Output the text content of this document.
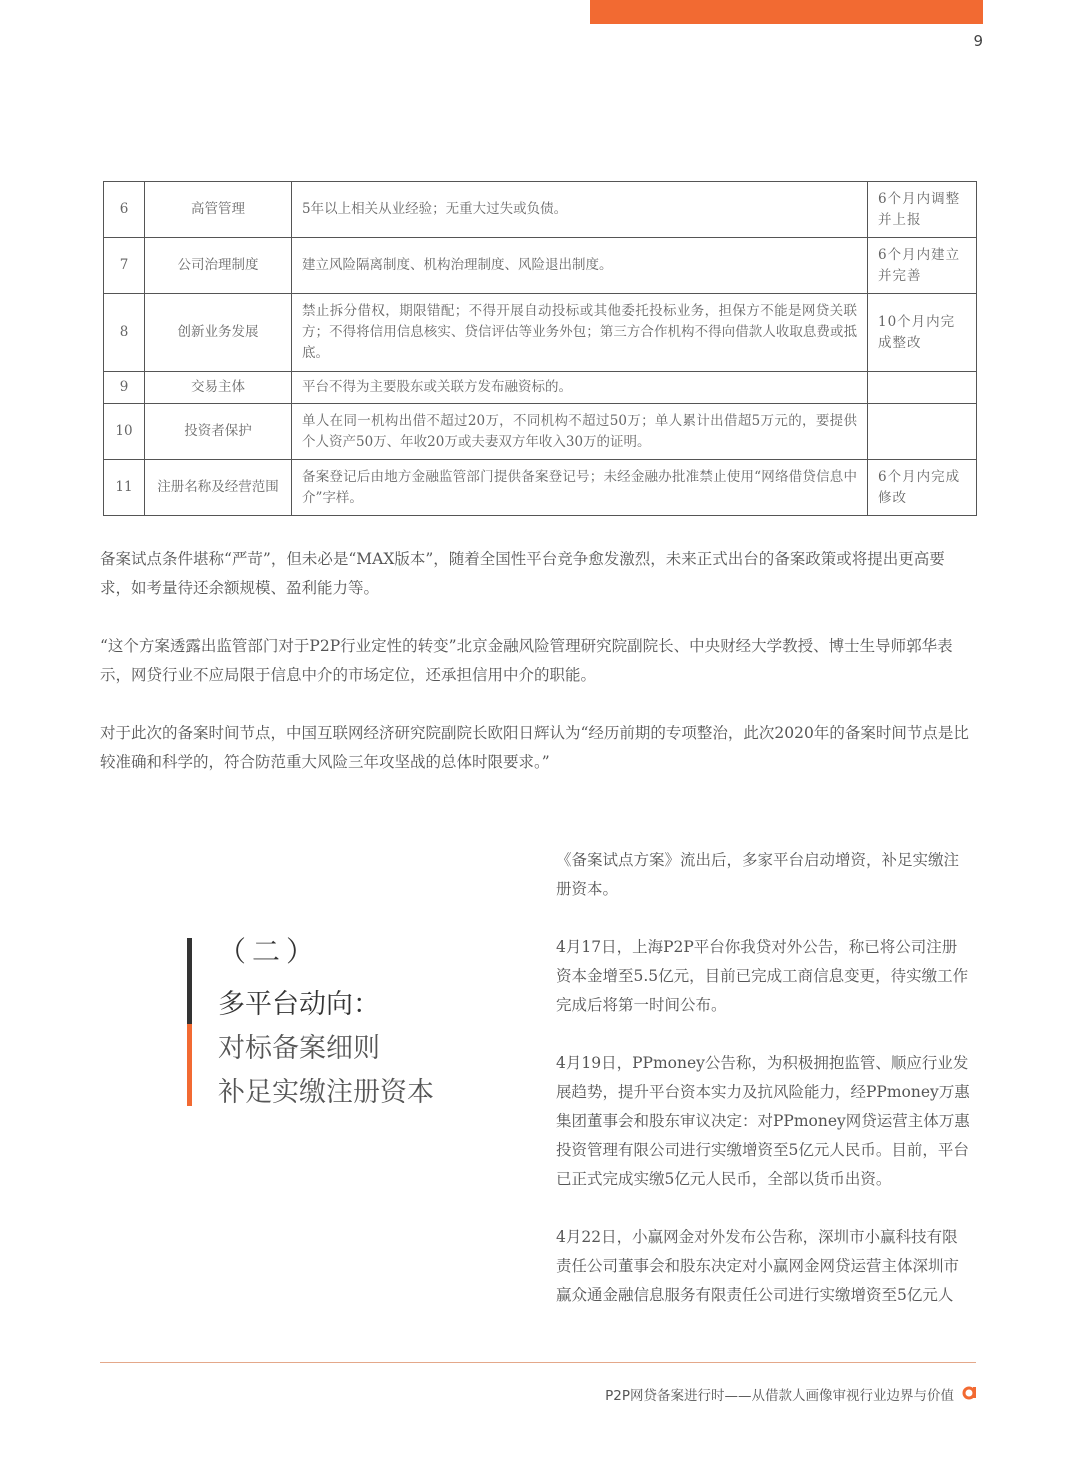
9
6	高管管理	5年以上相关从业经验；无重大过失或负债。	6个月内调整并上报
7	公司治理制度	建立风险隔离制度、机构治理制度、风险退出制度。	6个月内建立并完善
8	创新业务发展	禁止拆分借权，期限错配；不得开展自动投标或其他委托投标业务，担保方不能是网贷关联方；不得将信用信息核实、贷信评估等业务外包；第三方合作机构不得向借款人收取息费或抵底。	10个月内完成整改
9	交易主体	平台不得为主要股东或关联方发布融资标的。	
10	投资者保护	单人在同一机构出借不超过20万，不同机构不超过50万；单人累计出借超5万元的，要提供个人资产50万、年收20万或夫妻双方年收入30万的证明。	
11	注册名称及经营范围	备案登记后由地方金融监管部门提供备案登记号；未经金融办批准禁止使用“网络借贷信息中介”字样。	6个月内完成修改

备案试点条件堪称“严苛”，但未必是“MAX版本”，随着全国性平台竞争愈发激烈，未来正式出台的备案政策或将提出更高要求，如考量待还余额规模、盈利能力等。

“这个方案透露出监管部门对于P2P行业定性的转变”北京金融风险管理研究院副院长、中央财经大学教授、博士生导师郭华表示，网贷行业不应局限于信息中介的市场定位，还承担信用中介的职能。

对于此次的备案时间节点，中国互联网经济研究院副院长欧阳日辉认为“经历前期的专项整治，此次2020年的备案时间节点是比较准确和科学的，符合防范重大风险三年攻坚战的总体时限要求。”

（二）
多平台动向：
对标备案细则
补足实缴注册资本

《备案试点方案》流出后，多家平台启动增资，补足实缴注册资本。

4月17日，上海P2P平台你我贷对外公告，称已将公司注册资本金增至5.5亿元，目前已完成工商信息变更，待实缴工作完成后将第一时间公布。

4月19日，PPmoney公告称，为积极拥抱监管、顺应行业发展趋势，提升平台资本实力及抗风险能力，经PPmoney万惠集团董事会和股东审议决定：对PPmoney网贷运营主体万惠投资管理有限公司进行实缴增资至5亿元人民币。目前，平台已正式完成实缴5亿元人民币，全部以货币出资。

4月22日，小赢网金对外发布公告称，深圳市小赢科技有限责任公司董事会和股东决定对小赢网金网贷运营主体深圳市赢众通金融信息服务有限责任公司进行实缴增资至5亿元人

P2P网贷备案进行时——从借款人画像审视行业边界与价值
